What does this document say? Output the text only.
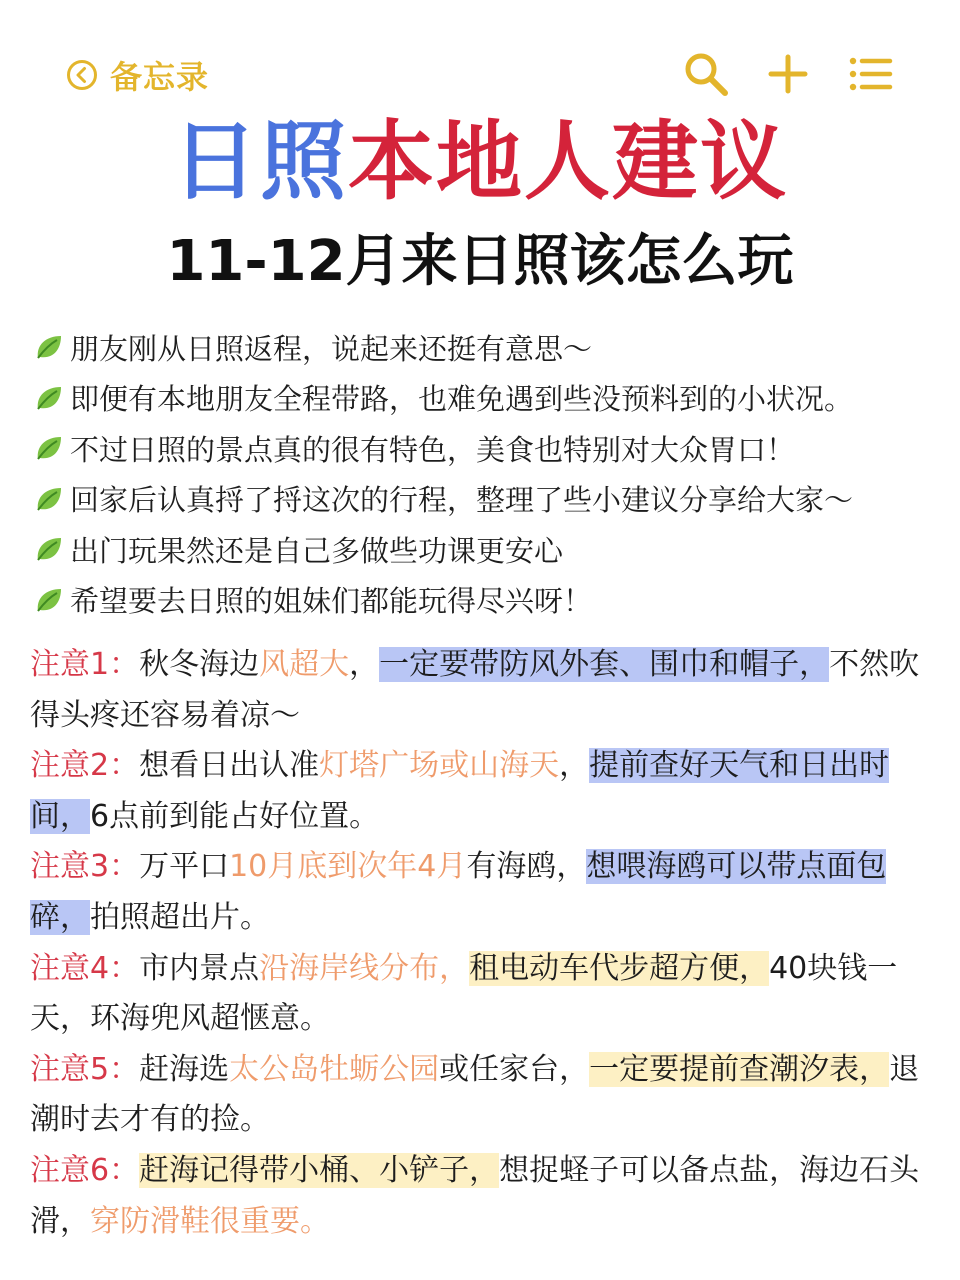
备忘录
日照本地人建议
11-12月来日照该怎么玩
朋友刚从日照返程，说起来还挺有意思～
即便有本地朋友全程带路，也难免遇到些没预料到的小状况。
不过日照的景点真的很有特色，美食也特别对大众胃口！
回家后认真捋了捋这次的行程，整理了些小建议分享给大家～
出门玩果然还是自己多做些功课更安心
希望要去日照的姐妹们都能玩得尽兴呀！

注意1：秋冬海边风超大，一定要带防风外套、围巾和帽子，不然吹得头疼还容易着凉～

注意2：想看日出认准灯塔广场或山海天，提前查好天气和日出时间，6点前到能占好位置。

注意3：万平口10月底到次年4月有海鸥，想喂海鸥可以带点面包碎，拍照超出片。

注意4：市内景点沿海岸线分布，租电动车代步超方便，40块钱一天，环海兜风超惬意。

注意5：赶海选太公岛牡蛎公园或任家台，一定要提前查潮汐表，退潮时去才有的捡。

注意6：赶海记得带小桶、小铲子，想捉蛏子可以备点盐，海边石头滑，穿防滑鞋很重要。
